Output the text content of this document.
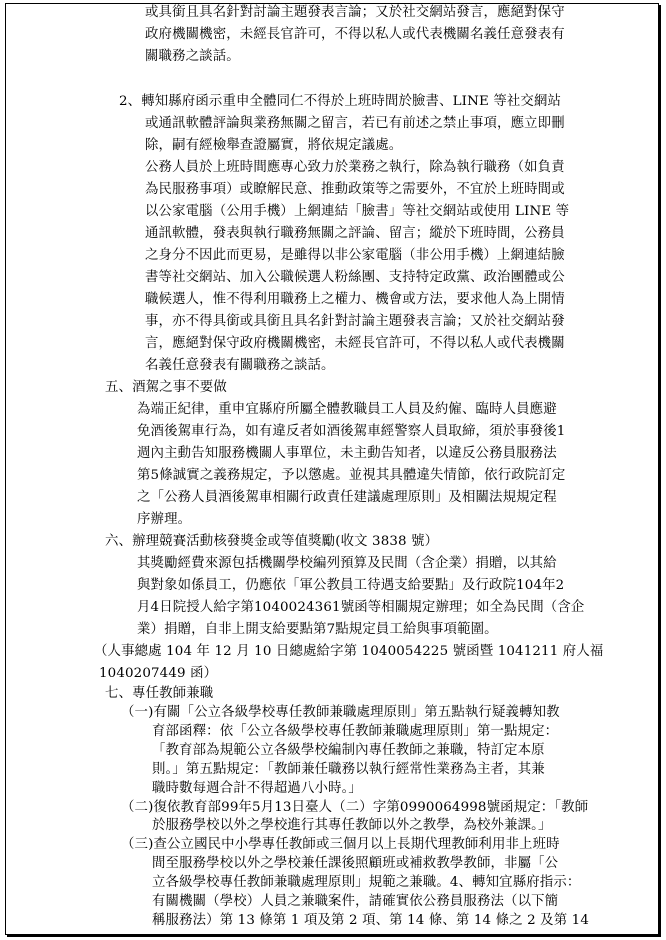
或具銜且具名針對討論主題發表言論；又於社交網站發言，應絕對保守
政府機關機密，未經長官許可，不得以私人或代表機關名義任意發表有
關職務之談話。
2、轉知縣府函示重申全體同仁不得於上班時間於臉書、LINE 等社交網站
或通訊軟體評論與業務無關之留言，若已有前述之禁止事項，應立即刪
除，嗣有經檢舉查證屬實，將依規定議處。
公務人員於上班時間應專心致力於業務之執行，除為執行職務（如負責
為民服務事項）或瞭解民意、推動政策等之需要外，不宜於上班時間或
以公家電腦（公用手機）上網連結「臉書」等社交網站或使用 LINE 等
通訊軟體，發表與執行職務無關之評論、留言；縱於下班時間，公務員
之身分不因此而更易，是雖得以非公家電腦（非公用手機）上網連結臉
書等社交網站、加入公職候選人粉絲團、支持特定政黨、政治團體或公
職候選人，惟不得利用職務上之權力、機會或方法，要求他人為上開情
事，亦不得具銜或具銜且具名針對討論主題發表言論；又於社交網站發
言，應絕對保守政府機關機密，未經長官許可，不得以私人或代表機關
名義任意發表有關職務之談話。
五、酒駕之事不要做
為端正紀律，重申宜縣府所屬全體教職員工人員及約僱、臨時人員應避
免酒後駕車行為，如有違反者如酒後駕車經警察人員取締，須於事發後1
週內主動告知服務機關人事單位，未主動告知者，以違反公務員服務法
第5條誠實之義務規定，予以懲處。並視其具體違失情節，依行政院訂定
之「公務人員酒後駕車相關行政責任建議處理原則」及相關法規規定程
序辦理。
六、辦理競賽活動核發獎金或等值獎勵(收文 3838 號）
其獎勵經費來源包括機關學校編列預算及民間（含企業）捐贈，以其給
與對象如係員工，仍應依「軍公教員工待遇支給要點」及行政院104年2
月4日院授人給字第1040024361號函等相關規定辦理；如全為民間（含企
業）捐贈，自非上開支給要點第7點規定員工給與事項範圍。
（人事總處 104 年 12 月 10 日總處給字第 1040054225 號函暨 1041211 府人福
1040207449 函）
七、專任教師兼職
（一)有關「公立各級學校專任教師兼職處理原則」第五點執行疑義轉知教
育部函釋：依「公立各級學校專任教師兼職處理原則」第一點規定：
「教育部為規範公立各級學校編制內專任教師之兼職，特訂定本原
則。」第五點規定：「教師兼任職務以執行經常性業務為主者，其兼
職時數每週合計不得超過八小時。」
（二)復依教育部99年5月13日臺人（二）字第0990064998號函規定：「教師
於服務學校以外之學校進行其專任教師以外之教學，為校外兼課。」
（三)查公立國民中小學專任教師或三個月以上長期代理教師利用非上班時
間至服務學校以外之學校兼任課後照顧班或補救教學教師，非屬「公
立各級學校專任教師兼職處理原則」規範之兼職。4、轉知宜縣府指示：
有關機關（學校）人員之兼職案件，請確實依公務員服務法（以下簡
稱服務法）第 13 條第 1 項及第 2 項、第 14 條、第 14 條之 2 及第 14
